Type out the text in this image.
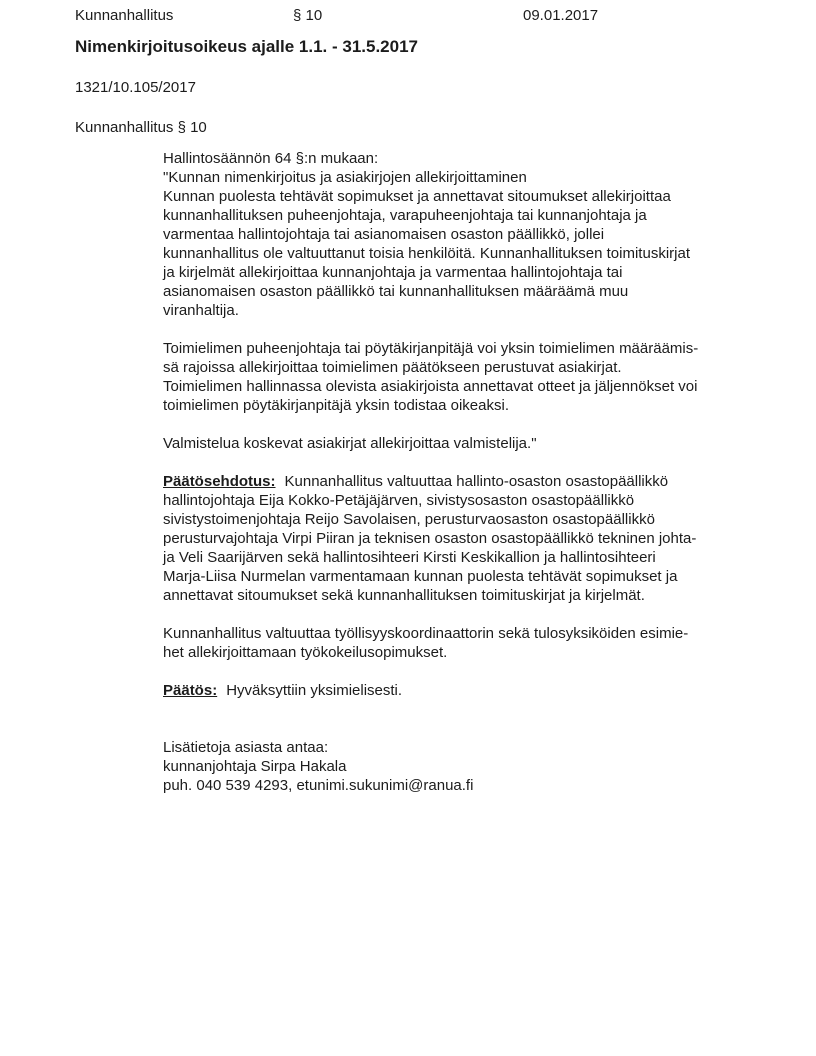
Kunnanhallitus	§ 10	09.01.2017
Nimenkirjoitusoikeus ajalle 1.1. - 31.5.2017
1321/10.105/2017
Kunnanhallitus § 10
Hallintosäännön 64 §:n mukaan:
"Kunnan nimenkirjoitus ja asiakirjojen allekirjoittaminen
Kunnan puolesta tehtävät sopimukset ja annettavat sitoumukset allekirjoittaa
kunnanhallituksen puheenjohtaja, varapuheenjohtaja tai kunnanjohtaja ja
varmentaa hallintojohtaja tai asianomaisen osaston päällikkö, jollei
kunnanhallitus ole valtuuttanut toisia henkilöitä. Kunnanhallituksen toimituskirjat
ja kirjelmät allekirjoittaa kunnanjohtaja ja varmentaa hallintojohtaja tai
asianomaisen osaston päällikkö tai kunnanhallituksen määräämä muu
viranhaltija.
Toimielimen puheenjohtaja tai pöytäkirjanpitäjä voi yksin toimielimen määräämis-
sä rajoissa allekirjoittaa toimielimen päätökseen perustuvat asiakirjat.
Toimielimen hallinnassa olevista asiakirjoista annettavat otteet ja jäljennökset voi
toimielimen pöytäkirjanpitäjä yksin todistaa oikeaksi.
Valmistelua koskevat asiakirjat allekirjoittaa valmistelija."
Päätösehdotus: Kunnanhallitus valtuuttaa hallinto-osaston osastopäällikkö
hallintojohtaja Eija Kokko-Petäjäjärven, sivistysosaston osastopäällikkö
sivistystoimenjohtaja Reijo Savolaisen, perusturvaosaston osastopäällikkö
perusturvajohtaja Virpi Piiran ja teknisen osaston osastopäällikkö tekninen johta-
ja Veli Saarijärven sekä hallintosihteeri Kirsti Keskikallion ja hallintosihteeri
Marja-Liisa Nurmelan varmentamaan kunnan puolesta tehtävät sopimukset ja
annettavat sitoumukset sekä kunnanhallituksen toimituskirjat ja kirjelmät.
Kunnanhallitus valtuuttaa työllisyyskoordinaattorin sekä tulosyksiköiden esimie-
het allekirjoittamaan työkokeilusopimukset.
Päätös: Hyväksyttiin yksimielisesti.
Lisätietoja asiasta antaa:
kunnanjohtaja Sirpa Hakala
puh. 040 539 4293, etunimi.sukunimi@ranua.fi
